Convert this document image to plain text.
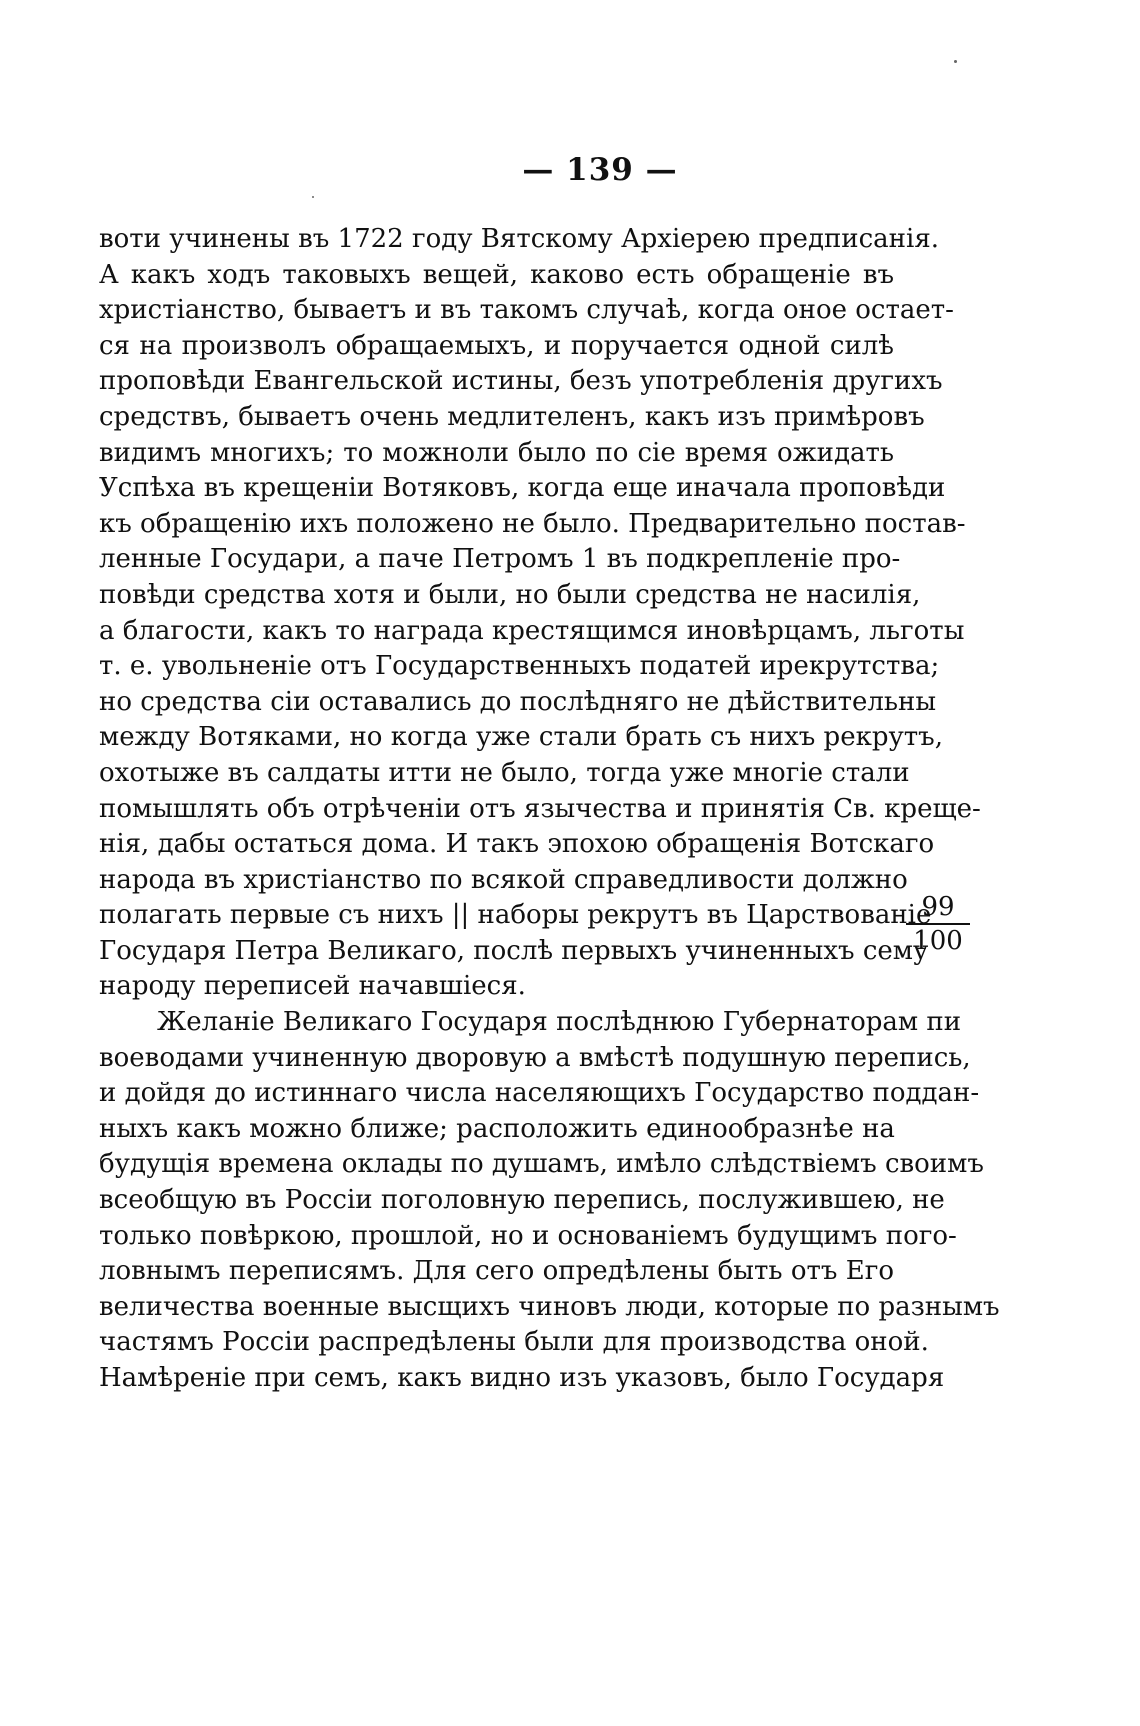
— 139 —
воти учинены въ 1722 году Вятскому Архіерею предписанія.
А какъ ходъ таковыхъ вещей, каково есть обращеніе въ
христіанство, бываетъ и въ такомъ случаѣ, когда оное остает-
ся на произволъ обращаемыхъ, и поручается одной силѣ
проповѣди Евангельской истины, безъ употребленія другихъ
средствъ, бываетъ очень медлителенъ, какъ изъ примѣровъ
видимъ многихъ; то можноли было по сіе время ожидать
Успѣха въ крещеніи Вотяковъ, когда еще иначала проповѣди
къ обращенію ихъ положено не было. Предварительно постав-
ленные Государи, а паче Петромъ 1 въ подкрепленіе про-
повѣди средства хотя и были, но были средства не насилія,
а благости, какъ то награда крестящимся иновѣрцамъ, льготы
т. е. увольненіе отъ Государственныхъ податей ирекрутства;
но средства сіи оставались до послѣдняго не дѣйствительны
между Вотяками, но когда уже стали брать съ нихъ рекрутъ,
охотыже въ салдаты итти не было, тогда уже многіе стали
помышлять объ отрѣченіи отъ язычества и принятія Св. креще-
нія, дабы остаться дома. И такъ эпохою обращенія Вотскаго
народа въ христіанство по всякой справедливости должно
полагать первые съ нихъ || наборы рекрутъ въ Царствованіе
Государя Петра Великаго, послѣ первыхъ учиненныхъ сему
народу переписей начавшіеся.
Желаніе Великаго Государя послѣднюю Губернаторам пи
воеводами учиненную дворовую а вмѣстѣ подушную перепись,
и дойдя до истиннаго числа населяющихъ Государство поддан-
ныхъ какъ можно ближе; расположить единообразнѣе на
будущія времена оклады по душамъ, имѣло слѣдствіемъ своимъ
всеобщую въ Россіи поголовную перепись, послужившею, не
только повѣркою, прошлой, но и основаніемъ будущимъ пого-
ловнымъ переписямъ. Для сего опредѣлены быть отъ Его
величества военные высщихъ чиновъ люди, которые по разнымъ
частямъ Россіи распредѣлены были для производства оной.
Намѣреніе при семъ, какъ видно изъ указовъ, было Государя
99
100
